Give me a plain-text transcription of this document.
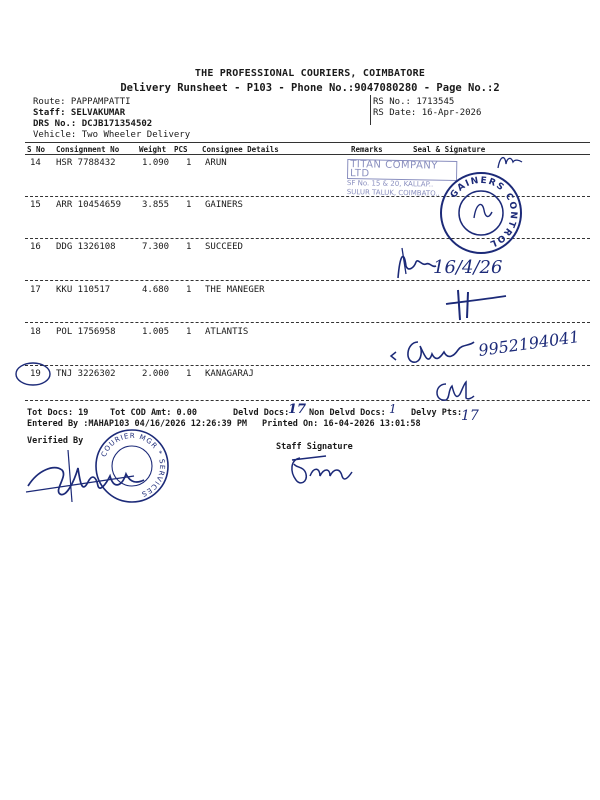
THE PROFESSIONAL COURIERS, COIMBATORE
Delivery Runsheet - P103 - Phone No.:9047080280 - Page No.:2
Route: PAPPAMPATTI
Staff: SELVAKUMAR
DRS No.: DCJB171354502
Vehicle: Two Wheeler Delivery
RS No.: 1713545
RS Date: 16-Apr-2026
S No Consignment No	Weight PCS Consignee Details	Remarks	Seal & Signature
14 HSR 7788432	1.090 1 ARUN
15 ARR 10454659 3.855 1 GAINERS
16 DDG 1326108	7.300 1 SUCCEED
17 KKU 110517	4.680 1 THE MANEGER
18 POL 1756958	1.005 1 ATLANTIS
19 TNJ 3226302	2.000 1 KANAGARAJ
Tot Docs: 19	Tot COD Amt: 0.00	Delvd Docs: Non Delvd Docs:	Delvy Pts:
Entered By :MAHAP103 04/16/2026 12:26:39 PM Printed On: 16-04-2026 13:01:58
Verified By
Staff Signature
17	1	17
TITAN COMPANY LTD
SF No. 15 & 20, KALLAP..
SULUR TALUK, COIMBATO.. GAINERS CONTROL
16/4/26
9952194041
COURIER MGR * SERVICES
